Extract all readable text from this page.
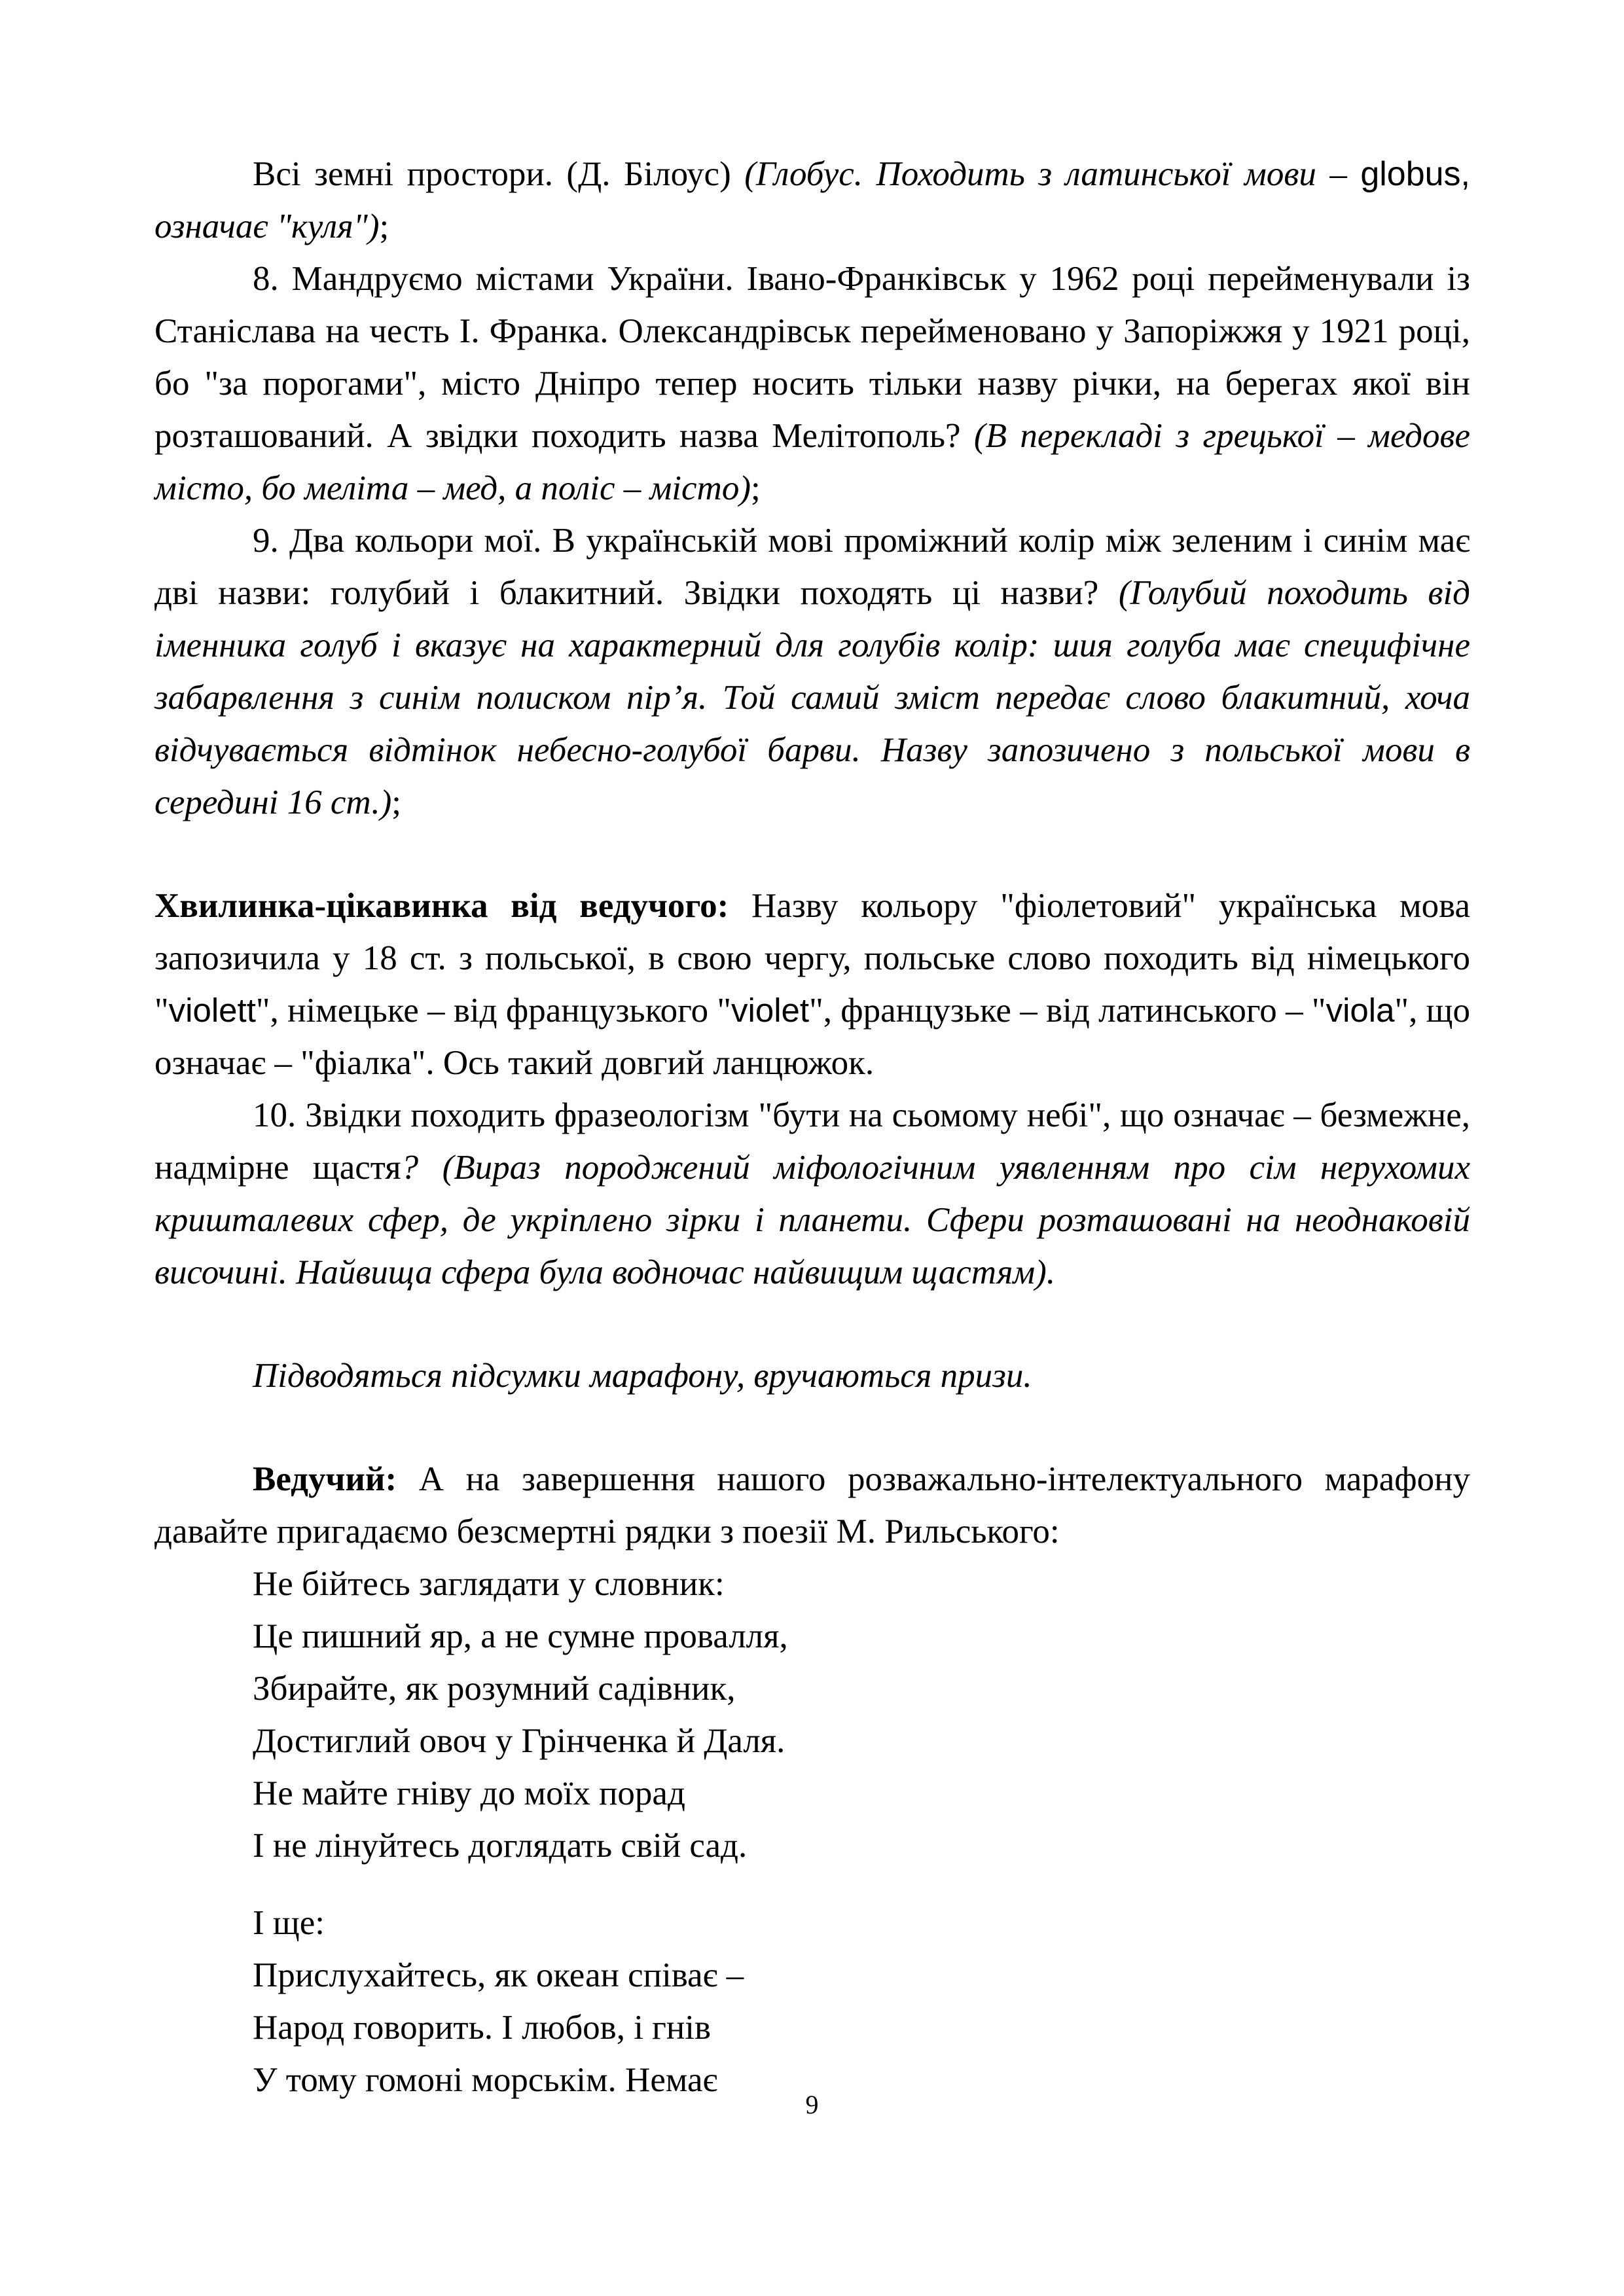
Всі земні простори. (Д. Білоус) (Глобус. Походить з латинської мови – globus, означає "куля");

8. Мандруємо містами України. Івано-Франківськ у 1962 році перейменували із Станіслава на честь І. Франка. Олександрівськ перейменовано у Запоріжжя у 1921 році, бо "за порогами", місто Дніпро тепер носить тільки назву річки, на берегах якої він розташований. А звідки походить назва Мелітополь? (В перекладі з грецької – медове місто, бо меліта – мед, а поліс – місто);

9. Два кольори мої. В українській мові проміжний колір між зеленим і синім має дві назви: голубий і блакитний. Звідки походять ці назви? (Голубий походить від іменника голуб і вказує на характерний для голубів колір: шия голуба має специфічне забарвлення з синім полиском пір’я. Той самий зміст передає слово блакитний, хоча відчувається відтінок небесно-голубої барви. Назву запозичено з польської мови в середині 16 ст.);

Хвилинка-цікавинка від ведучого: Назву кольору "фіолетовий" українська мова запозичила у 18 ст. з польської, в свою чергу, польське слово походить від німецького "violett", німецьке – від французького "violet", французьке – від латинського – "viola", що означає – "фіалка". Ось такий довгий ланцюжок.

10. Звідки походить фразеологізм "бути на сьомому небі", що означає – безмежне, надмірне щастя? (Вираз породжений міфологічним уявленням про сім нерухомих кришталевих сфер, де укріплено зірки і планети. Сфери розташовані на неоднаковій височині. Найвища сфера була водночас найвищим щастям).

Підводяться підсумки марафону, вручаються призи.

Ведучий: А на завершення нашого розважально-інтелектуального марафону давайте пригадаємо безсмертні рядки з поезії М. Рильського:

Не бійтесь заглядати у словник:
Це пишний яр, а не сумне провалля,
Збирайте, як розумний садівник,
Достиглий овоч у Грінченка й Даля.
Не майте гніву до моїх порад
І не лінуйтесь доглядать свій сад.
І ще:
Прислухайтесь, як океан співає –
Народ говорить. І любов, і гнів
У тому гомоні морськім. Немає
9
